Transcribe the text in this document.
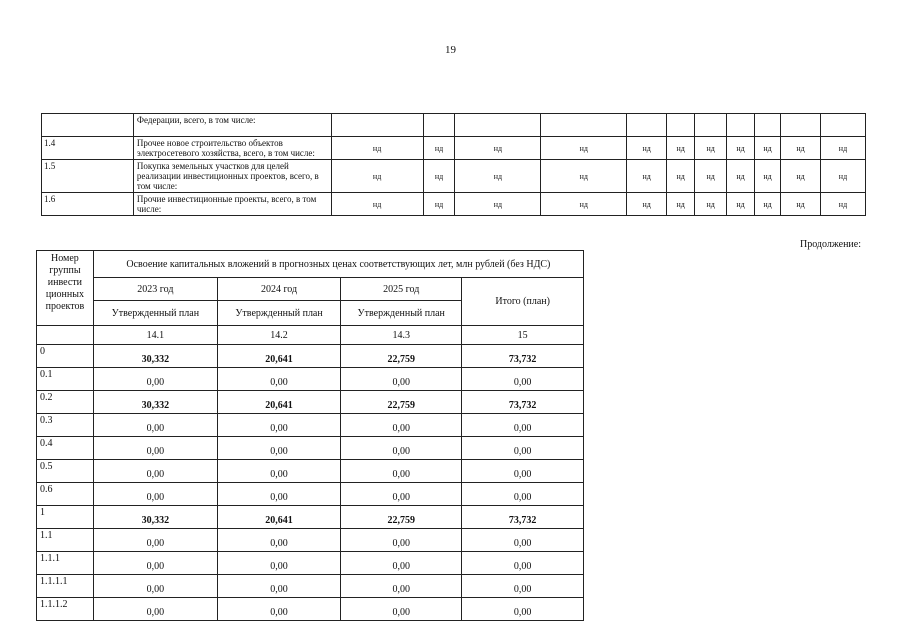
19
	Федерации, всего, в том числе:											
1.4	Прочее новое строительство объектов электросетевого хозяйства, всего, в том числе:	нд	нд	нд	нд	нд	нд	нд	нд	нд	нд	нд
1.5	Покупка земельных участков для целей реализации инвестиционных проектов, всего, в том числе:	нд	нд	нд	нд	нд	нд	нд	нд	нд	нд	нд
1.6	Прочие инвестиционные проекты, всего, в том числе:	нд	нд	нд	нд	нд	нд	нд	нд	нд	нд	нд
Продолжение:
Номер группы инвести ционных проектов	Освоение капитальных вложений в прогнозных ценах соответствующих лет, млн рублей (без НДС)			
	2023 год	2024 год	2025 год	Итого (план)
	Утвержденный план	Утвержденный план	Утвержденный план	
	14.1	14.2	14.3	15
0	30,332	20,641	22,759	73,732
0.1	0,00	0,00	0,00	0,00
0.2	30,332	20,641	22,759	73,732
0.3	0,00	0,00	0,00	0,00
0.4	0,00	0,00	0,00	0,00
0.5	0,00	0,00	0,00	0,00
0.6	0,00	0,00	0,00	0,00
1	30,332	20,641	22,759	73,732
1.1	0,00	0,00	0,00	0,00
1.1.1	0,00	0,00	0,00	0,00
1.1.1.1	0,00	0,00	0,00	0,00
1.1.1.2	0,00	0,00	0,00	0,00
